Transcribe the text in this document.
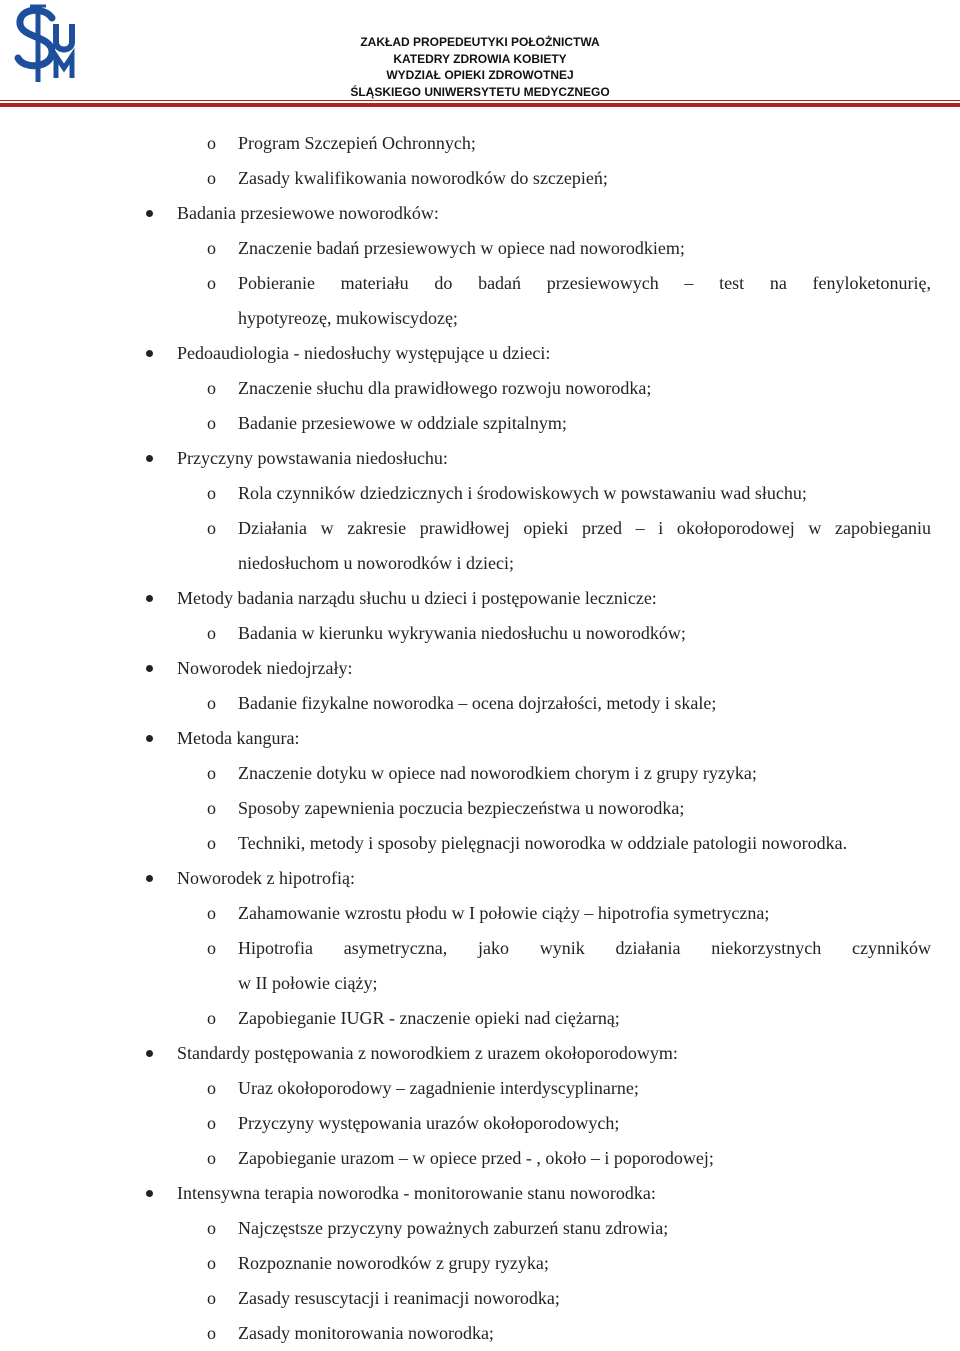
ZAKŁAD PROPEDEUTYKI POŁOŻNICTWA
KATEDRY ZDROWIA KOBIETY
WYDZIAŁ OPIEKI ZDROWOTNEJ
ŚLĄSKIEGO UNIWERSYTETU MEDYCZNEGO
o Program Szczepień Ochronnych;
o Zasady kwalifikowania noworodków do szczepień;
Badania przesiewowe noworodków:
o Znaczenie badań przesiewowych w opiece nad noworodkiem;
o Pobieranie materiału do badań przesiewowych – test na fenyloketonurię,
hypotyreozę, mukowiscydozę;
Pedoaudiologia - niedosłuchy występujące u dzieci:
o Znaczenie słuchu dla prawidłowego rozwoju noworodka;
o Badanie przesiewowe w oddziale szpitalnym;
Przyczyny powstawania niedosłuchu:
o Rola czynników dziedzicznych i środowiskowych w powstawaniu wad słuchu;
o Działania w zakresie prawidłowej opieki przed – i okołoporodowej w zapobieganiu
niedosłuchom u noworodków i dzieci;
Metody badania narządu słuchu u dzieci i postępowanie lecznicze:
o Badania w kierunku wykrywania niedosłuchu u noworodków;
Noworodek niedojrzały:
o Badanie fizykalne noworodka – ocena dojrzałości, metody i skale;
Metoda kangura:
o Znaczenie dotyku w opiece nad noworodkiem chorym i z grupy ryzyka;
o Sposoby zapewnienia poczucia bezpieczeństwa u noworodka;
o Techniki, metody i sposoby pielęgnacji noworodka w oddziale patologii noworodka.
Noworodek z hipotrofią:
o Zahamowanie wzrostu płodu w I połowie ciąży – hipotrofia symetryczna;
o Hipotrofia asymetryczna, jako wynik działania niekorzystnych czynników
w II połowie ciąży;
o Zapobieganie IUGR - znaczenie opieki nad ciężarną;
Standardy postępowania z noworodkiem z urazem okołoporodowym:
o Uraz okołoporodowy – zagadnienie interdyscyplinarne;
o Przyczyny występowania urazów okołoporodowych;
o Zapobieganie urazom – w opiece przed - , około – i poporodowej;
Intensywna terapia noworodka - monitorowanie stanu noworodka:
o Najczęstsze przyczyny poważnych zaburzeń stanu zdrowia;
o Rozpoznanie noworodków z grupy ryzyka;
o Zasady resuscytacji i reanimacji noworodka;
o Zasady monitorowania noworodka;
